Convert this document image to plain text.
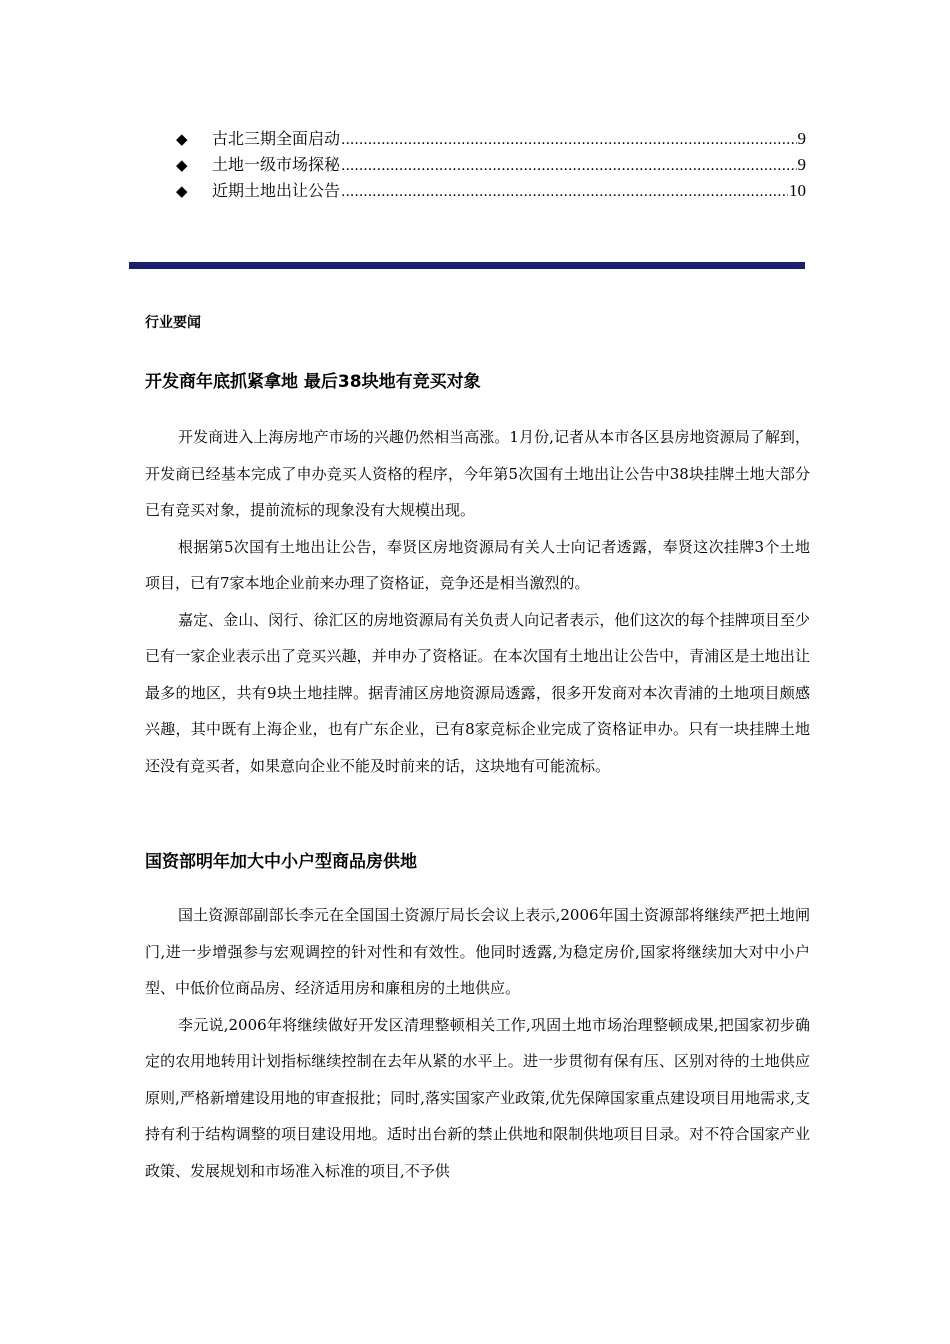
◆	古北三期全面启动 .....	9
◆	土地一级市场探秘 .....	9
◆	近期土地出让公告 .....	10
行业要闻
开发商年底抓紧拿地 最后38块地有竞买对象

开发商进入上海房地产市场的兴趣仍然相当高涨。1月份,记者从本市各区县房地资源局了解到，开发商已经基本完成了申办竞买人资格的程序，今年第5次国有土地出让公告中38块挂牌土地大部分已有竞买对象，提前流标的现象没有大规模出现。

根据第5次国有土地出让公告，奉贤区房地资源局有关人士向记者透露，奉贤这次挂牌3个土地项目，已有7家本地企业前来办理了资格证，竞争还是相当激烈的。

嘉定、金山、闵行、徐汇区的房地资源局有关负责人向记者表示，他们这次的每个挂牌项目至少已有一家企业表示出了竞买兴趣，并申办了资格证。在本次国有土地出让公告中，青浦区是土地出让最多的地区，共有9块土地挂牌。据青浦区房地资源局透露，很多开发商对本次青浦的土地项目颇感兴趣，其中既有上海企业，也有广东企业，已有8家竞标企业完成了资格证申办。只有一块挂牌土地还没有竞买者，如果意向企业不能及时前来的话，这块地有可能流标。

国资部明年加大中小户型商品房供地

国土资源部副部长李元在全国国土资源厅局长会议上表示,2006年国土资源部将继续严把土地闸门,进一步增强参与宏观调控的针对性和有效性。他同时透露,为稳定房价,国家将继续加大对中小户型、中低价位商品房、经济适用房和廉租房的土地供应。

李元说,2006年将继续做好开发区清理整顿相关工作,巩固土地市场治理整顿成果,把国家初步确定的农用地转用计划指标继续控制在去年从紧的水平上。进一步贯彻有保有压、区别对待的土地供应原则,严格新增建设用地的审查报批；同时,落实国家产业政策,优先保障国家重点建设项目用地需求,支持有利于结构调整的项目建设用地。适时出台新的禁止供地和限制供地项目目录。对不符合国家产业政策、发展规划和市场准入标准的项目,不予供
